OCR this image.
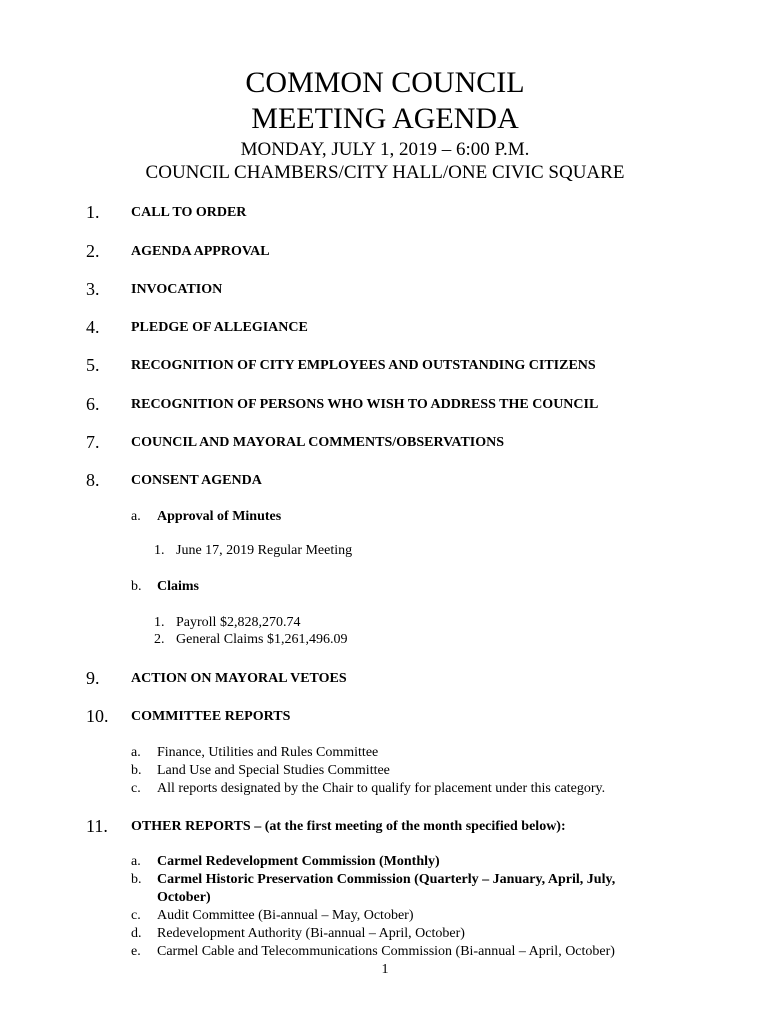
COMMON COUNCIL
MEETING AGENDA
MONDAY, JULY 1, 2019 – 6:00 P.M.
COUNCIL CHAMBERS/CITY HALL/ONE CIVIC SQUARE
1. CALL TO ORDER
2. AGENDA APPROVAL
3. INVOCATION
4. PLEDGE OF ALLEGIANCE
5. RECOGNITION OF CITY EMPLOYEES AND OUTSTANDING CITIZENS
6. RECOGNITION OF PERSONS WHO WISH TO ADDRESS THE COUNCIL
7. COUNCIL AND MAYORAL COMMENTS/OBSERVATIONS
8. CONSENT AGENDA
a. Approval of Minutes
1. June 17, 2019 Regular Meeting
b. Claims
1. Payroll $2,828,270.74
2. General Claims $1,261,496.09
9. ACTION ON MAYORAL VETOES
10. COMMITTEE REPORTS
a. Finance, Utilities and Rules Committee
b. Land Use and Special Studies Committee
c. All reports designated by the Chair to qualify for placement under this category.
11. OTHER REPORTS – (at the first meeting of the month specified below):
a. Carmel Redevelopment Commission (Monthly)
b. Carmel Historic Preservation Commission (Quarterly – January, April, July,
October)
c. Audit Committee (Bi-annual – May, October)
d. Redevelopment Authority (Bi-annual – April, October)
e. Carmel Cable and Telecommunications Commission (Bi-annual – April, October)
1
